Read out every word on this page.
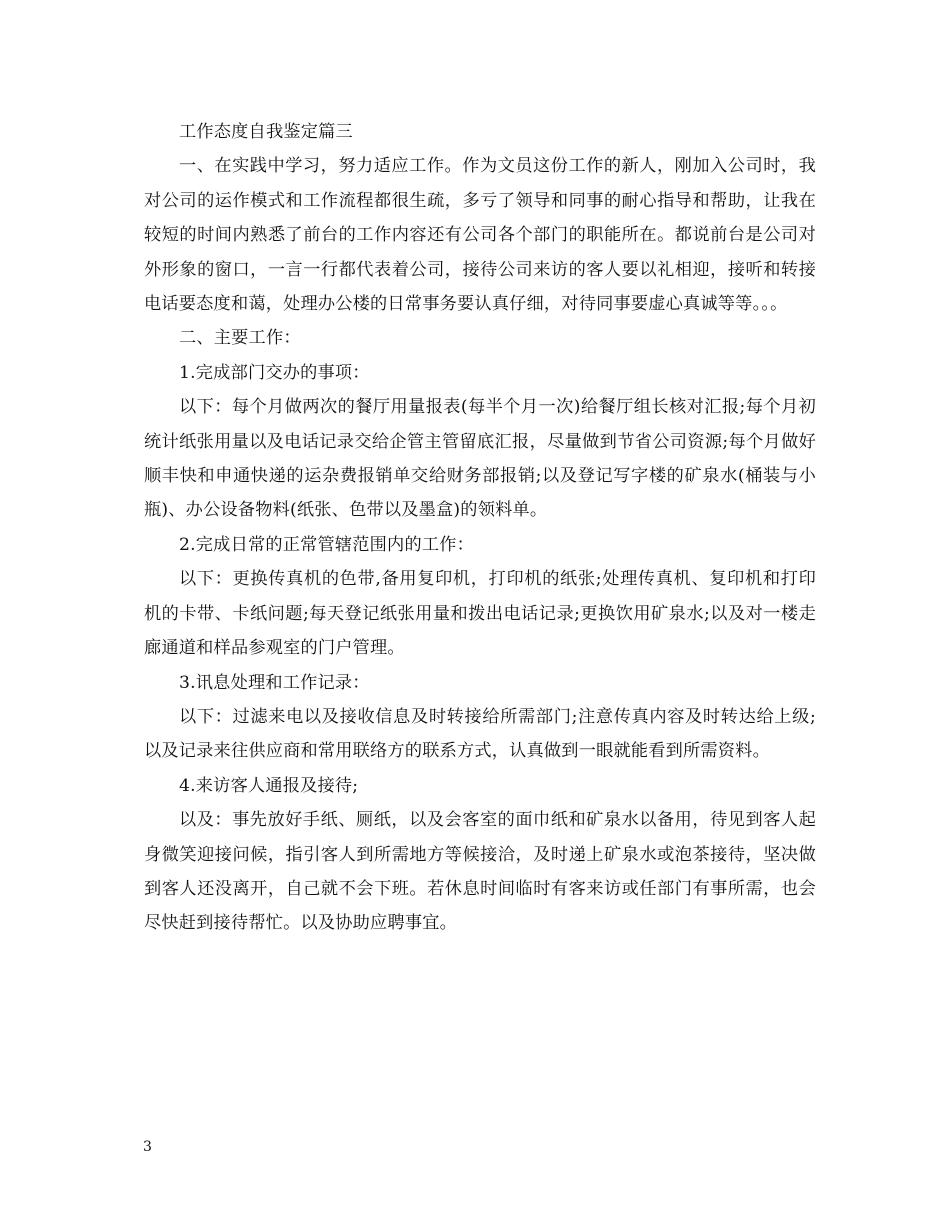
工作态度自我鉴定篇三

一、在实践中学习，努力适应工作。作为文员这份工作的新人，刚加入公司时，我对公司的运作模式和工作流程都很生疏，多亏了领导和同事的耐心指导和帮助，让我在较短的时间内熟悉了前台的工作内容还有公司各个部门的职能所在。都说前台是公司对外形象的窗口，一言一行都代表着公司，接待公司来访的客人要以礼相迎，接听和转接电话要态度和蔼，处理办公楼的日常事务要认真仔细，对待同事要虚心真诚等等。。。

二、主要工作：

1.完成部门交办的事项：

以下：每个月做两次的餐厅用量报表(每半个月一次)给餐厅组长核对汇报;每个月初统计纸张用量以及电话记录交给企管主管留底汇报，尽量做到节省公司资源;每个月做好顺丰快和申通快递的运杂费报销单交给财务部报销;以及登记写字楼的矿泉水(桶装与小瓶)、办公设备物料(纸张、色带以及墨盒)的领料单。

2.完成日常的正常管辖范围内的工作：

以下：更换传真机的色带,备用复印机，打印机的纸张;处理传真机、复印机和打印机的卡带、卡纸问题;每天登记纸张用量和拨出电话记录;更换饮用矿泉水;以及对一楼走廊通道和样品参观室的门户管理。

3.讯息处理和工作记录：

以下：过滤来电以及接收信息及时转接给所需部门;注意传真内容及时转达给上级;以及记录来往供应商和常用联络方的联系方式，认真做到一眼就能看到所需资料。

4.来访客人通报及接待;

以及：事先放好手纸、厕纸，以及会客室的面巾纸和矿泉水以备用，待见到客人起身微笑迎接问候，指引客人到所需地方等候接洽，及时递上矿泉水或泡茶接待，坚决做到客人还没离开，自己就不会下班。若休息时间临时有客来访或任部门有事所需，也会尽快赶到接待帮忙。以及协助应聘事宜。

3
